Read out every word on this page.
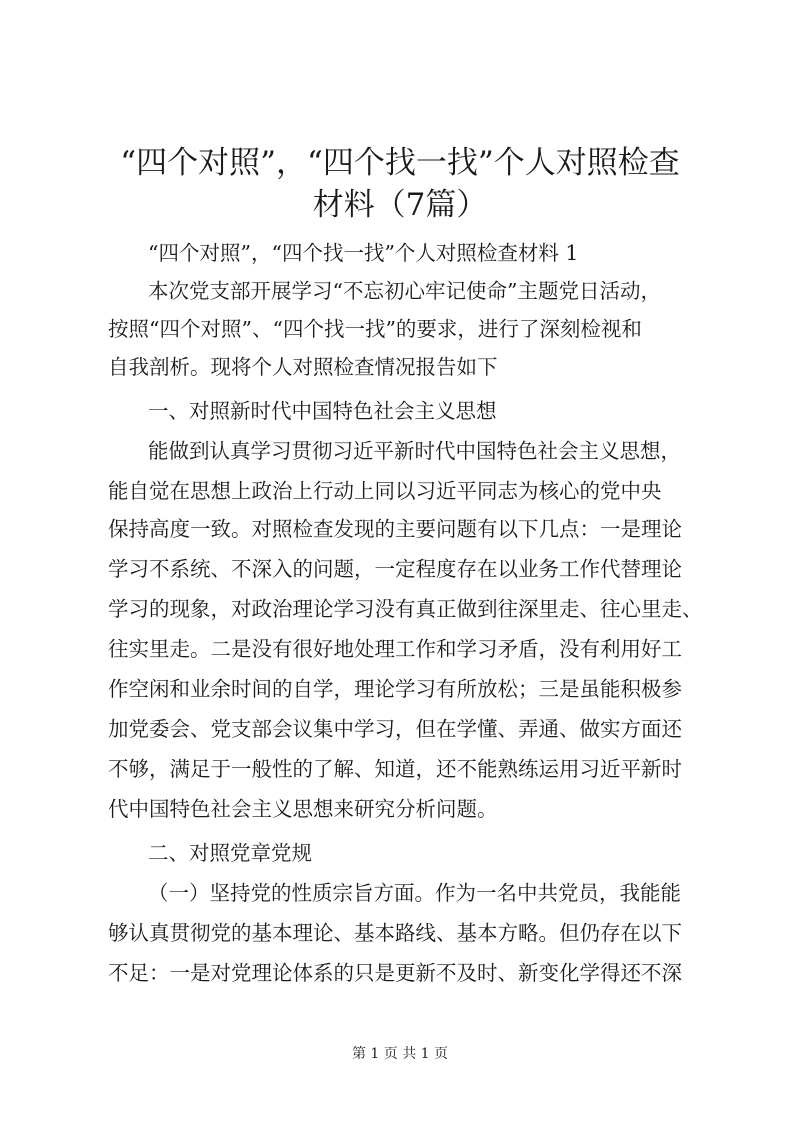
“四个对照”，“四个找一找”个人对照检查
材料（7篇）

“四个对照”，“四个找一找”个人对照检查材料 1

本次党支部开展学习“不忘初心牢记使命”主题党日活动，

按照“四个对照”、“四个找一找”的要求，进行了深刻检视和

自我剖析。现将个人对照检查情况报告如下

一、对照新时代中国特色社会主义思想

能做到认真学习贯彻习近平新时代中国特色社会主义思想，

能自觉在思想上政治上行动上同以习近平同志为核心的党中央

保持高度一致。对照检查发现的主要问题有以下几点：一是理论

学习不系统、不深入的问题，一定程度存在以业务工作代替理论

学习的现象，对政治理论学习没有真正做到往深里走、往心里走、

往实里走。二是没有很好地处理工作和学习矛盾，没有利用好工

作空闲和业余时间的自学，理论学习有所放松；三是虽能积极参

加党委会、党支部会议集中学习，但在学懂、弄通、做实方面还

不够，满足于一般性的了解、知道，还不能熟练运用习近平新时

代中国特色社会主义思想来研究分析问题。

二、对照党章党规

（一）坚持党的性质宗旨方面。作为一名中共党员，我能能

够认真贯彻党的基本理论、基本路线、基本方略。但仍存在以下

不足：一是对党理论体系的只是更新不及时、新变化学得还不深

第 1 页 共 1 页
